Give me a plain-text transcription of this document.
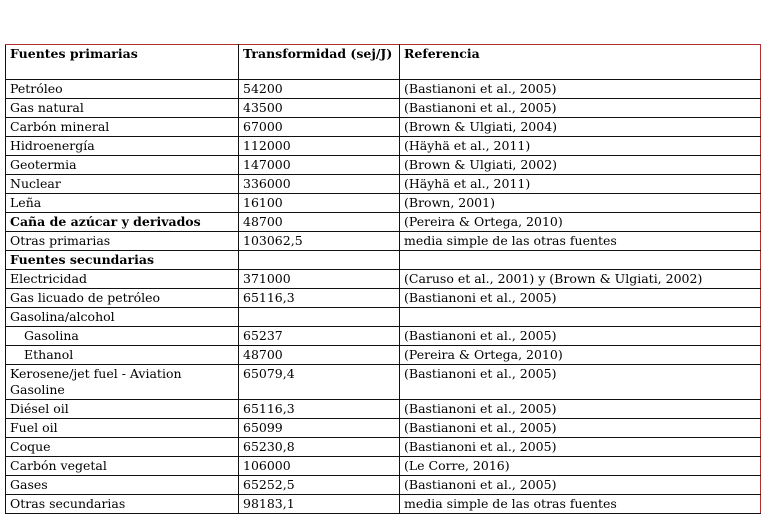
Fuentes primarias	Transformidad (sej/J)	Referencia
Petróleo	54200	(Bastianoni et al., 2005)
Gas natural	43500	(Bastianoni et al., 2005)
Carbón mineral	67000	(Brown & Ulgiati, 2004)
Hidroenergía	112000	(Häyhä et al., 2011)
Geotermia	147000	(Brown & Ulgiati, 2002)
Nuclear	336000	(Häyhä et al., 2011)
Leña	16100	(Brown, 2001)
Caña de azúcar y derivados	48700	(Pereira & Ortega, 2010)
Otras primarias	103062,5	media simple de las otras fuentes
Fuentes secundarias		
Electricidad	371000	(Caruso et al., 2001) y (Brown & Ulgiati, 2002)
Gas licuado de petróleo	65116,3	(Bastianoni et al., 2005)
Gasolina/alcohol		
Gasolina	65237	(Bastianoni et al., 2005)
Ethanol	48700	(Pereira & Ortega, 2010)
Kerosene/jet fuel - Aviation Gasoline	65079,4	(Bastianoni et al., 2005)
Diésel oil	65116,3	(Bastianoni et al., 2005)
Fuel oil	65099	(Bastianoni et al., 2005)
Coque	65230,8	(Bastianoni et al., 2005)
Carbón vegetal	106000	(Le Corre, 2016)
Gases	65252,5	(Bastianoni et al., 2005)
Otras secundarias	98183,1	media simple de las otras fuentes
